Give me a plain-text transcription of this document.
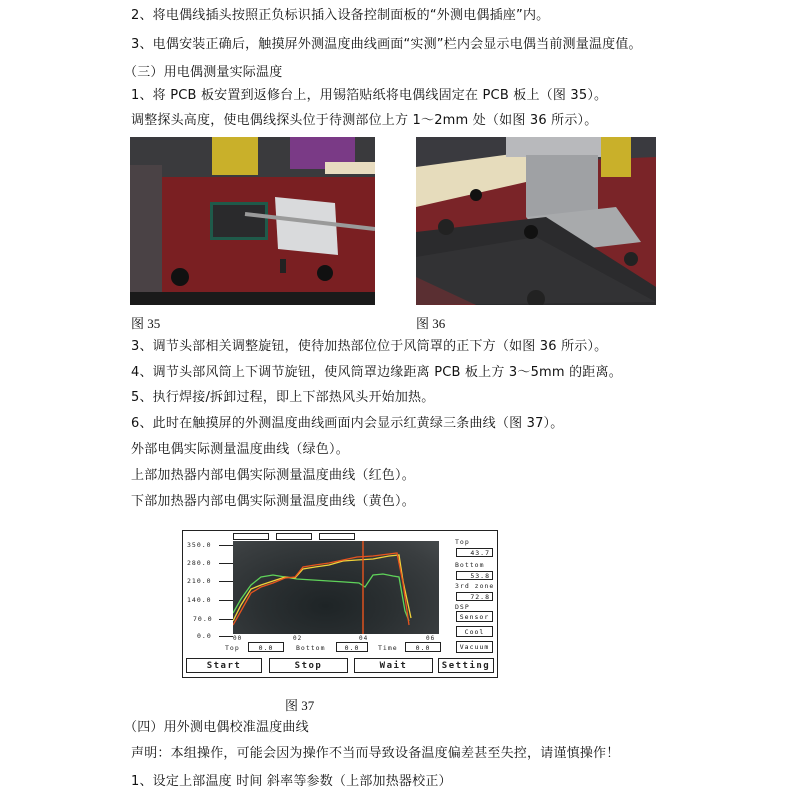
2、将电偶线插头按照正负标识插入设备控制面板的“外测电偶插座”内。
3、电偶安装正确后，触摸屏外测温度曲线画面“实测”栏内会显示电偶当前测量温度值。
（三）用电偶测量实际温度
1、将 PCB 板安置到返修台上，用锡箔贴纸将电偶线固定在 PCB 板上（图 35）。
调整探头高度，使电偶线探头位于待测部位上方 1～2mm 处（如图 36 所示）。
图 35	图 36
3、调节头部相关调整旋钮，使待加热部位位于风筒罩的正下方（如图 36 所示）。
4、调节头部风筒上下调节旋钮，使风筒罩边缘距离 PCB 板上方 3～5mm 的距离。
5、执行焊接/拆卸过程，即上下部热风头开始加热。
6、此时在触摸屏的外测温度曲线画面内会显示红黄绿三条曲线（图 37）。
外部电偶实际测量温度曲线（绿色）。
上部加热器内部电偶实际测量温度曲线（红色）。
下部加热器内部电偶实际测量温度曲线（黄色）。
350.0
280.0
210.0
140.0
70.0
0.0	00	02	04	06
Top
43.7
Bottom
53.8
3rd zone
72.8
DSP
Sensor
Cool
Vacuum
Top	0.0	Bottom	0.0	Time	0.0
Start	Stop	Wait	Setting
图 37
（四）用外测电偶校准温度曲线
声明：本组操作，可能会因为操作不当而导致设备温度偏差甚至失控，请谨慎操作！
1、设定上部温度 时间 斜率等参数（上部加热器校正）
